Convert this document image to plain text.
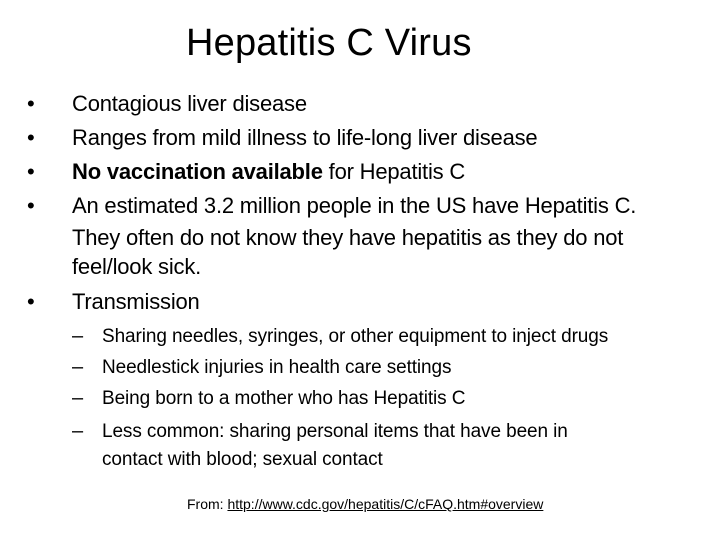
Hepatitis C Virus
• Contagious liver disease
• Ranges from mild illness to life-long liver disease
• No vaccination available for Hepatitis C
• An estimated 3.2 million people in the US have Hepatitis C.
They often do not know they have hepatitis as they do not
feel/look sick.
• Transmission
– Sharing needles, syringes, or other equipment to inject drugs
– Needlestick injuries in health care settings
– Being born to a mother who has Hepatitis C
– Less common: sharing personal items that have been in
contact with blood; sexual contact
From: http://www.cdc.gov/hepatitis/C/cFAQ.htm#overview
